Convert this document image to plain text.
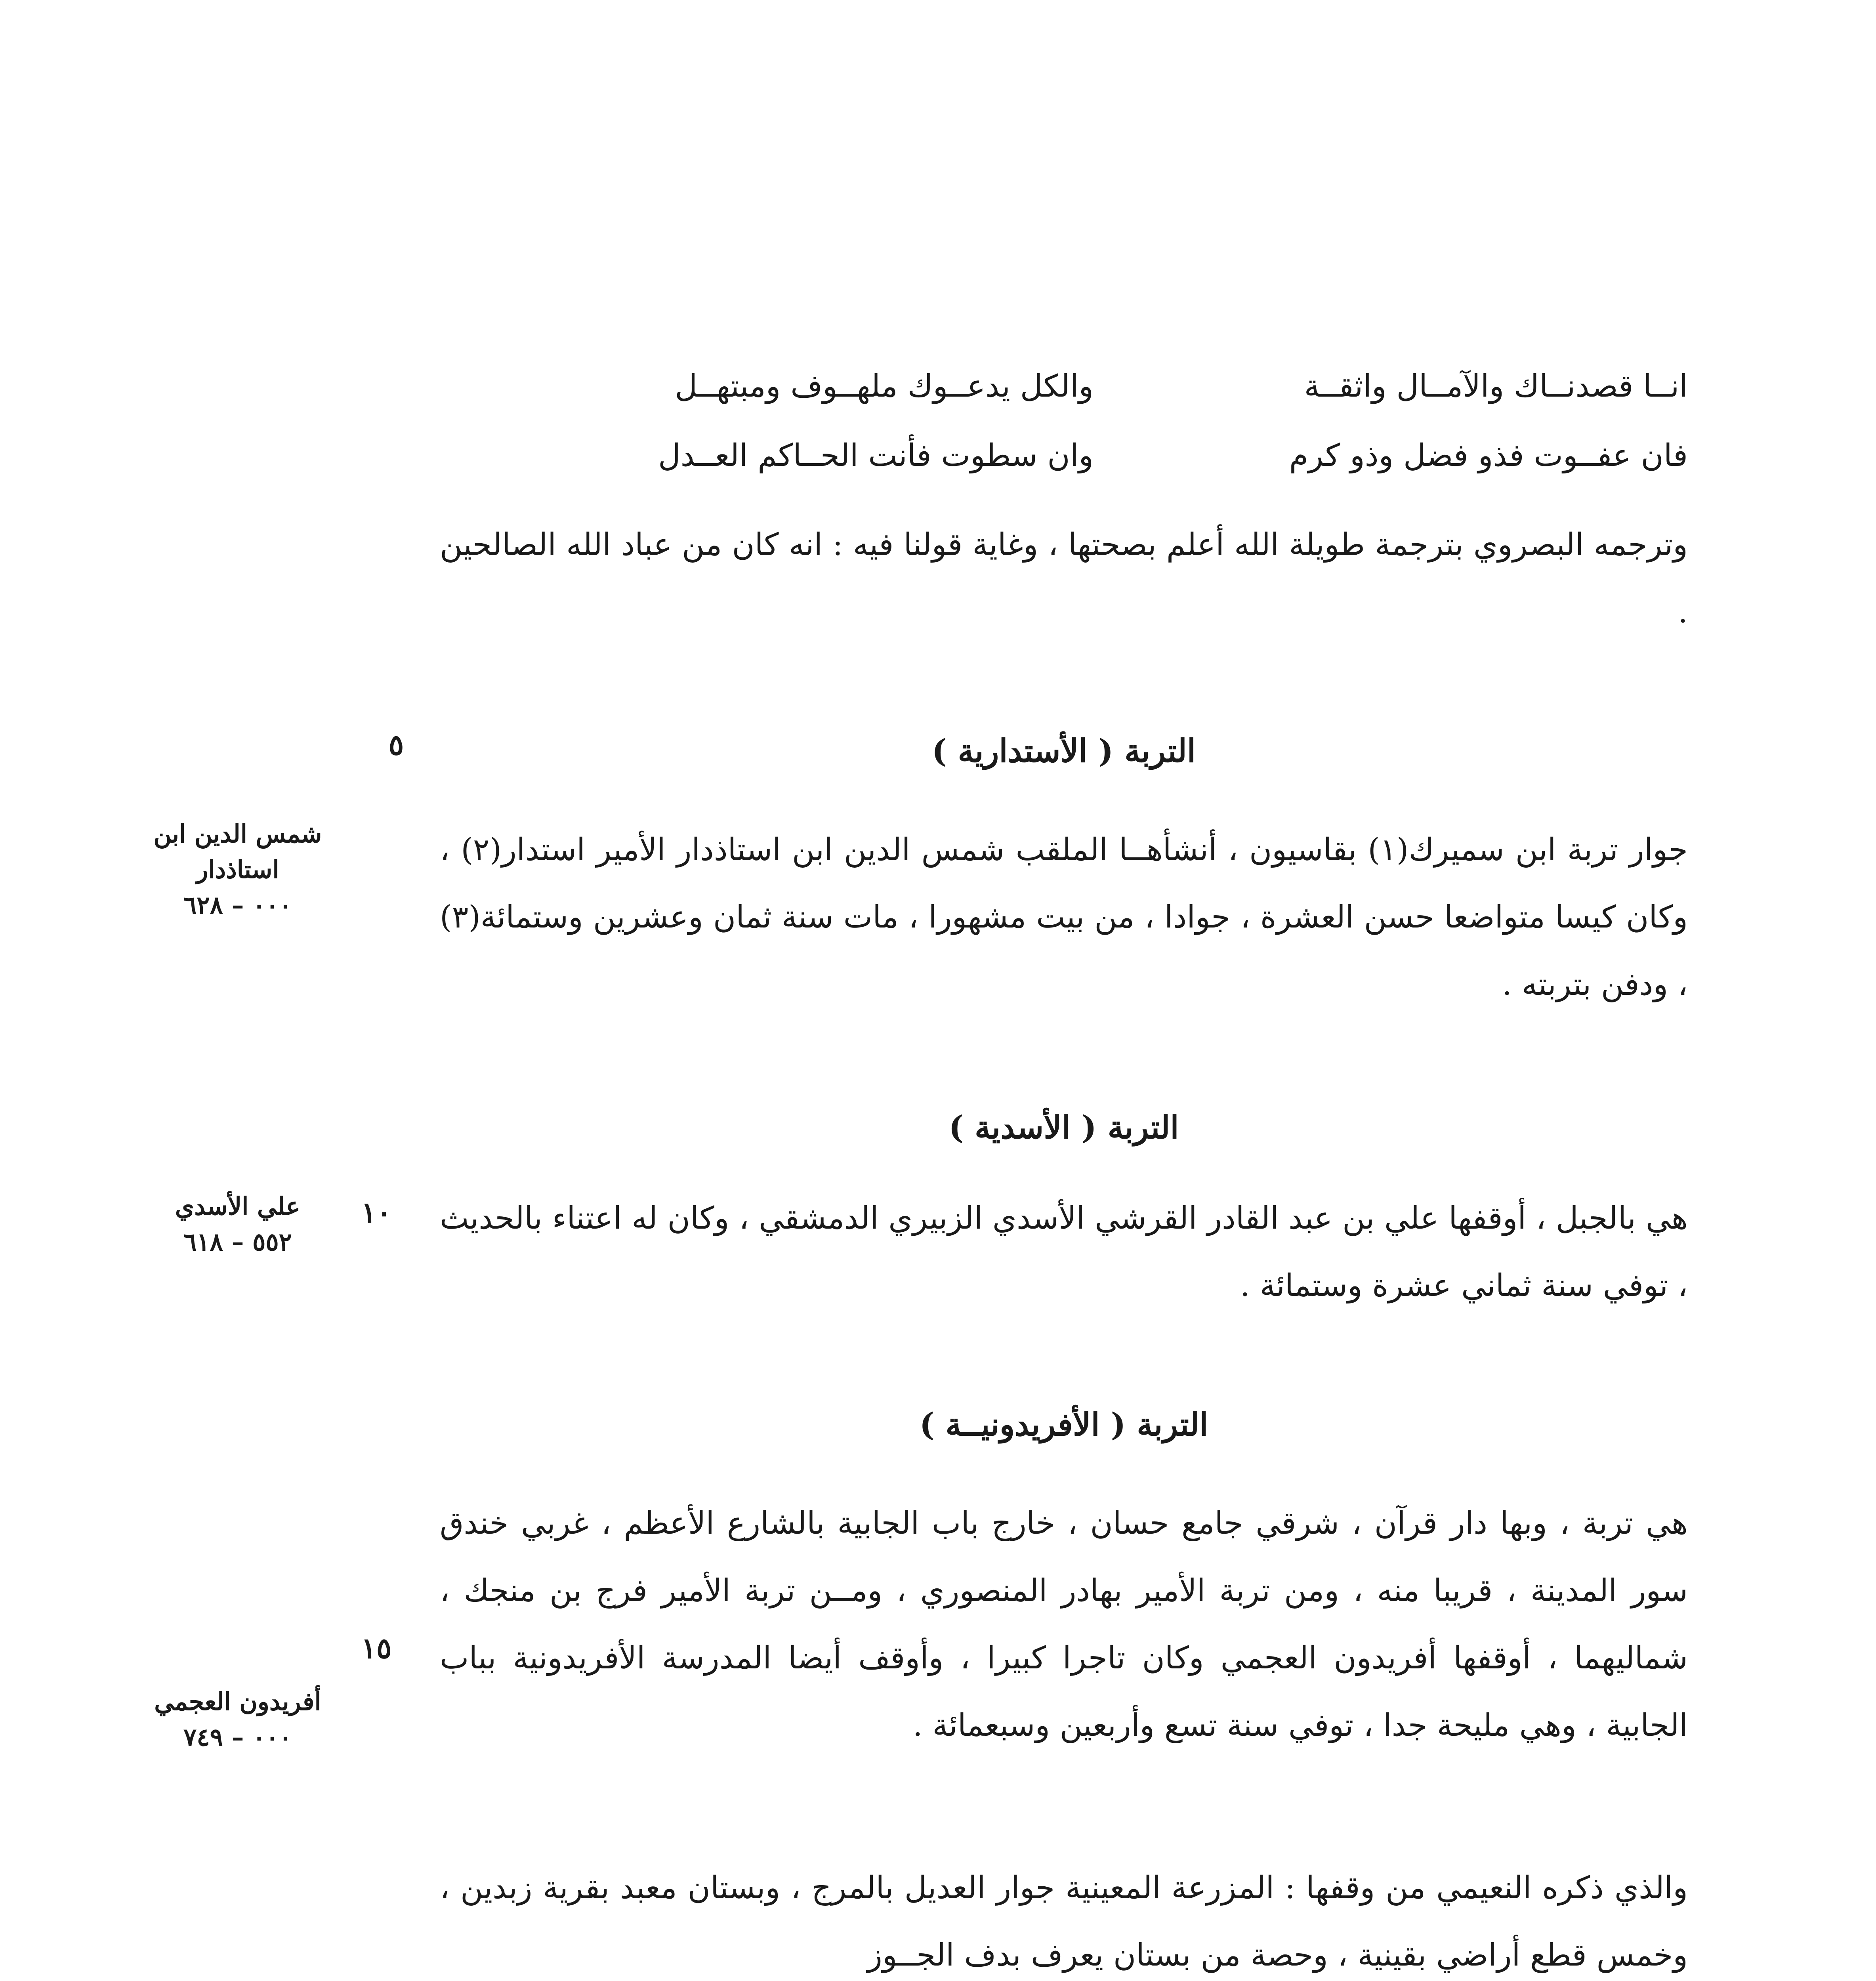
انــا قصدنــاك والآمــال واثقــة
والكل يدعــوك ملهــوف ومبتهــل
فان عفــوت فذو فضل وذو كرم
وان سطوت فأنت الحــاكم العــدل
وترجمه البصروي بترجمة طويلة الله أعلم بصحتها ، وغاية قولنا فيه : انه كان من عباد الله الصالحين .
التربة ( الأستدارية )
٥
جوار تربة ابن سميرك(١) بقاسيون ، أنشأهــا الملقب شمس الدين ابن استاذدار الأمير استدار(٢) ، وكان كيسا متواضعا حسن العشرة ، جوادا ، من بيت مشهورا ، مات سنة ثمان وعشرين وستمائة(٣) ، ودفن بتربته .
شمس الدين ابن استاذدار
٠٠٠ – ٦٢٨
التربة ( الأسدية )
١٠	هي بالجبل ، أوقفها علي بن عبد القادر القرشي الأسدي الزبيري الدمشقي ، وكان له اعتناء بالحديث ، توفي سنة ثماني عشرة وستمائة .
علي الأسدي
٥٥٢ – ٦١٨
التربة ( الأفريدونيــة )
١٥
هي تربة ، وبها دار قرآن ، شرقي جامع حسان ، خارج باب الجابية بالشارع الأعظم ، غربي خندق سور المدينة ، قريبا منه ، ومن تربة الأمير بهادر المنصوري ، ومــن تربة الأمير فرج بن منجك ، شماليهما ، أوقفها أفريدون العجمي وكان تاجرا كبيرا ، وأوقف أيضا المدرسة الأفريدونية بباب الجابية ، وهي مليحة جدا ، توفي سنة تسع وأربعين وسبعمائة .
أفريدون العجمي
٠٠٠ – ٧٤٩
والذي ذكره النعيمي من وقفها : المزرعة المعينية جوار العديل بالمرج ، وبستان معبد بقرية زبدين ، وخمس قطع أراضي بقينية ، وحصة من بستان يعرف بدف الجــوز
